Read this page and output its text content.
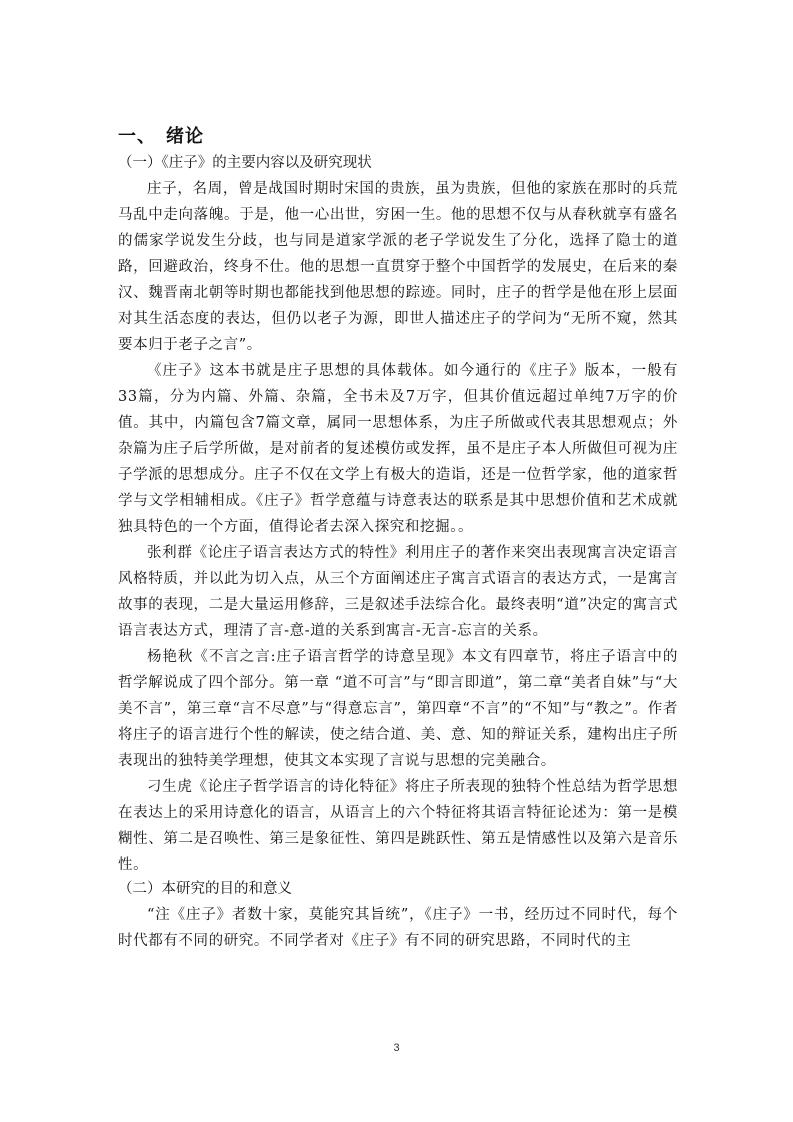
一、 绪论
（一）《庄子》的主要内容以及研究现状

庄子，名周，曾是战国时期时宋国的贵族，虽为贵族，但他的家族在那时的兵荒马乱中走向落魄。于是，他一心出世，穷困一生。他的思想不仅与从春秋就享有盛名的儒家学说发生分歧，也与同是道家学派的老子学说发生了分化，选择了隐士的道路，回避政治，终身不仕。他的思想一直贯穿于整个中国哲学的发展史，在后来的秦汉、魏晋南北朝等时期也都能找到他思想的踪迹。同时，庄子的哲学是他在形上层面对其生活态度的表达，但仍以老子为源，即世人描述庄子的学问为“无所不窥，然其要本归于老子之言”。

《庄子》这本书就是庄子思想的具体载体。如今通行的《庄子》版本，一般有33篇，分为内篇、外篇、杂篇，全书未及7万字，但其价值远超过单纯7万字的价值。其中，内篇包含7篇文章，属同一思想体系，为庄子所做或代表其思想观点；外杂篇为庄子后学所做，是对前者的复述模仿或发挥，虽不是庄子本人所做但可视为庄子学派的思想成分。庄子不仅在文学上有极大的造诣，还是一位哲学家，他的道家哲学与文学相辅相成。《庄子》哲学意蕴与诗意表达的联系是其中思想价值和艺术成就独具特色的一个方面，值得论者去深入探究和挖掘。。

张利群《论庄子语言表达方式的特性》利用庄子的著作来突出表现寓言决定语言风格特质，并以此为切入点，从三个方面阐述庄子寓言式语言的表达方式，一是寓言故事的表现，二是大量运用修辞，三是叙述手法综合化。最终表明“道”决定的寓言式语言表达方式，理清了言-意-道的关系到寓言-无言-忘言的关系。

杨艳秋《不言之言:庄子语言哲学的诗意呈现》本文有四章节，将庄子语言中的哲学解说成了四个部分。第一章 “道不可言”与“即言即道”，第二章“美者自妹”与“大美不言”，第三章“言不尽意”与“得意忘言”，第四章“不言”的“不知”与“教之”。作者将庄子的语言进行个性的解读，使之结合道、美、意、知的辩证关系，建构出庄子所表现出的独特美学理想，使其文本实现了言说与思想的完美融合。

刁生虎《论庄子哲学语言的诗化特征》将庄子所表现的独特个性总结为哲学思想在表达上的采用诗意化的语言，从语言上的六个特征将其语言特征论述为：第一是模糊性、第二是召唤性、第三是象征性、第四是跳跃性、第五是情感性以及第六是音乐性。

（二）本研究的目的和意义

“注《庄子》者数十家，莫能究其旨统”，《庄子》一书，经历过不同时代，每个时代都有不同的研究。不同学者对《庄子》有不同的研究思路，不同时代的主

3
